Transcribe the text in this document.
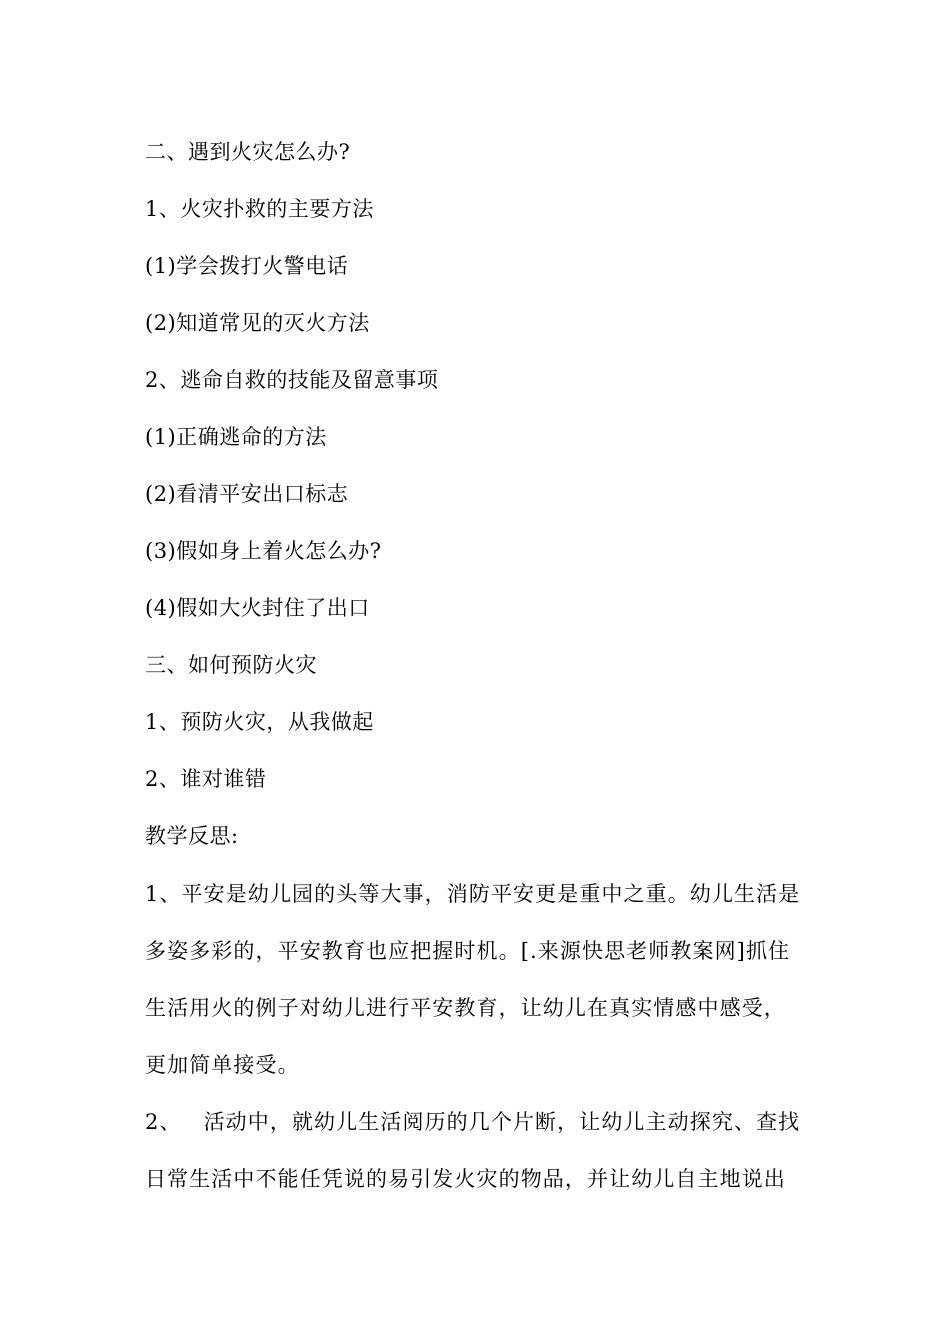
二、遇到火灾怎么办?
1、火灾扑救的主要方法
(1)学会拨打火警电话
(2)知道常见的灭火方法
2、逃命自救的技能及留意事项
(1)正确逃命的方法
(2)看清平安出口标志
(3)假如身上着火怎么办?
(4)假如大火封住了出口
三、如何预防火灾
1、预防火灾，从我做起
2、谁对谁错
教学反思:
1、平安是幼儿园的头等大事，消防平安更是重中之重。幼儿生活是
多姿多彩的，平安教育也应把握时机。[.来源快思老师教案网]抓住
生活用火的例子对幼儿进行平安教育，让幼儿在真实情感中感受，
更加简单接受。
2、 活动中，就幼儿生活阅历的几个片断，让幼儿主动探究、查找
日常生活中不能任凭说的易引发火灾的物品，并让幼儿自主地说出
